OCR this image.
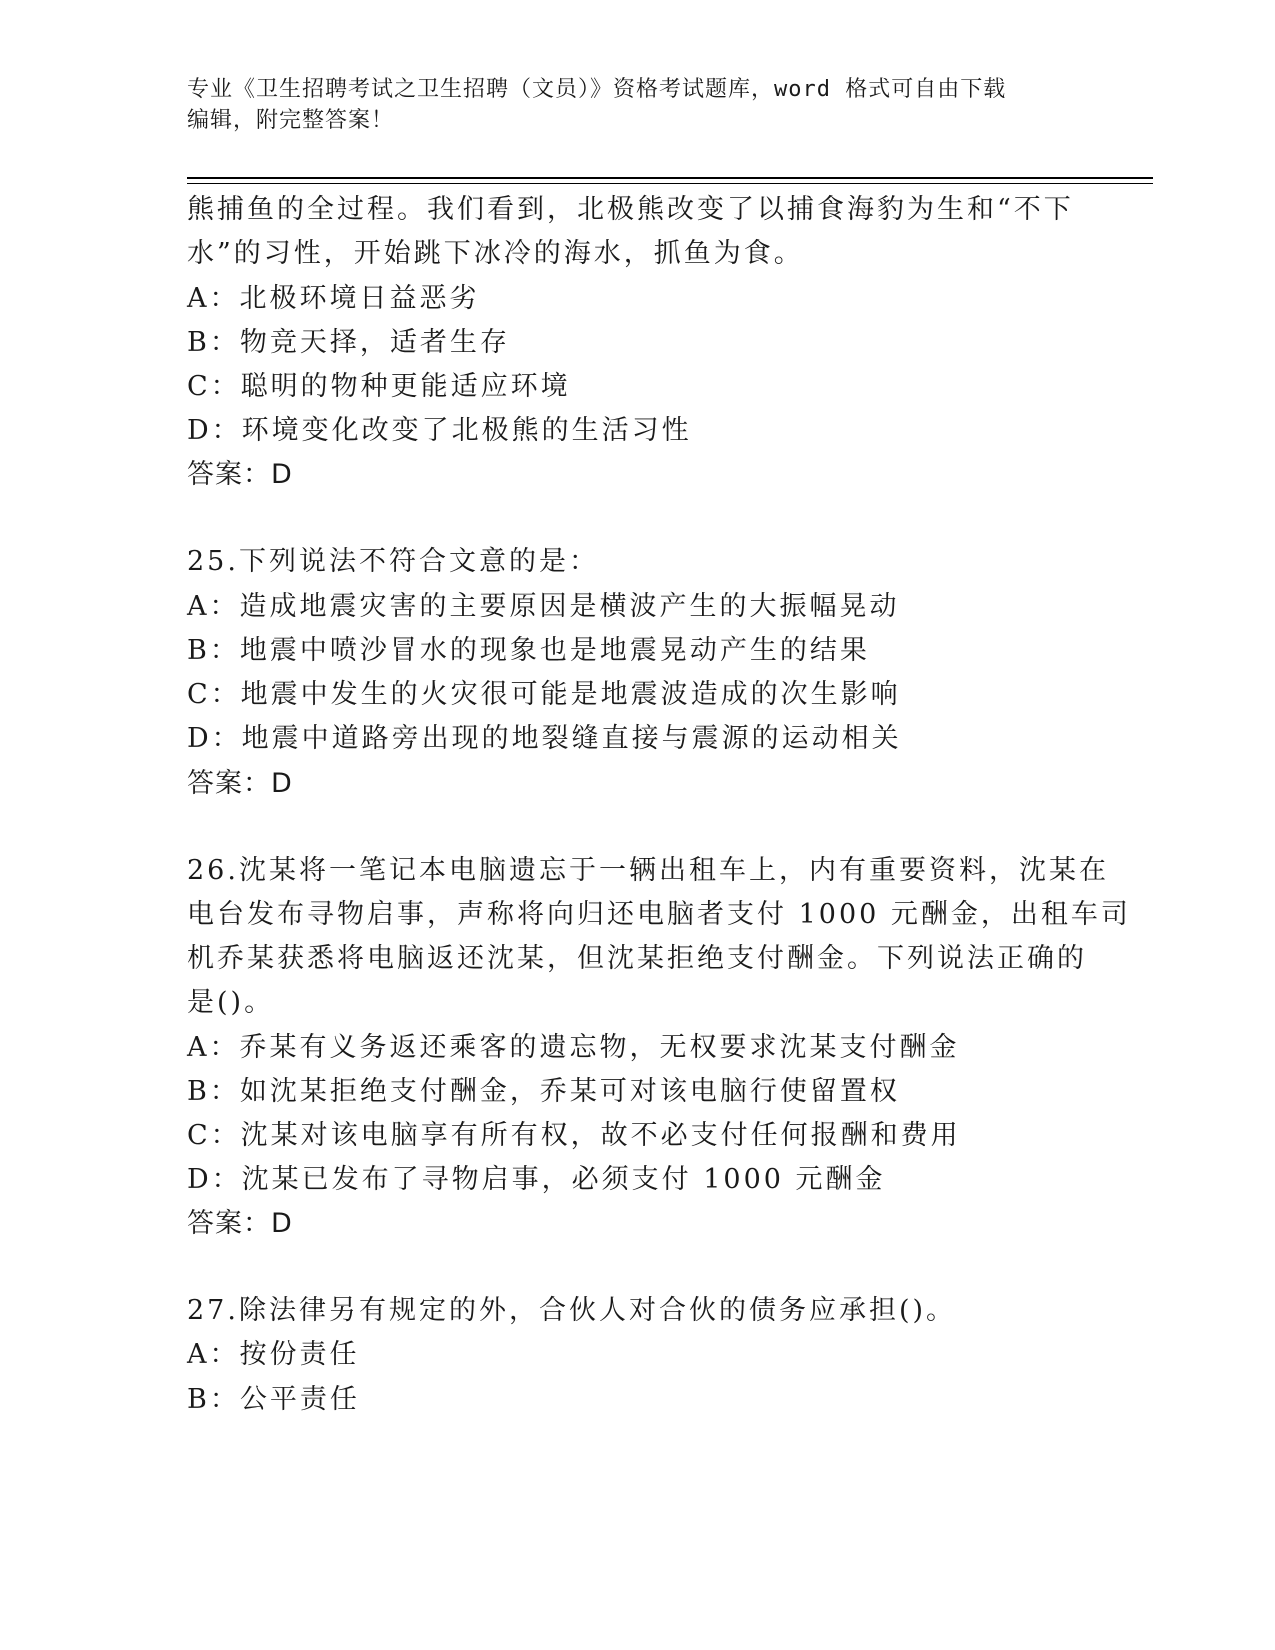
专业《卫生招聘考试之卫生招聘（文员）》资格考试题库，word 格式可自由下载
编辑，附完整答案！
熊捕鱼的全过程。我们看到，北极熊改变了以捕食海豹为生和“不下
水”的习性，开始跳下冰冷的海水，抓鱼为食。
A：北极环境日益恶劣
B：物竞天择，适者生存
C：聪明的物种更能适应环境
D：环境变化改变了北极熊的生活习性
答案：D
25.下列说法不符合文意的是：
A：造成地震灾害的主要原因是横波产生的大振幅晃动
B：地震中喷沙冒水的现象也是地震晃动产生的结果
C：地震中发生的火灾很可能是地震波造成的次生影响
D：地震中道路旁出现的地裂缝直接与震源的运动相关
答案：D
26.沈某将一笔记本电脑遗忘于一辆出租车上，内有重要资料，沈某在
电台发布寻物启事，声称将向归还电脑者支付 1000 元酬金，出租车司
机乔某获悉将电脑返还沈某，但沈某拒绝支付酬金。下列说法正确的
是()。
A：乔某有义务返还乘客的遗忘物，无权要求沈某支付酬金
B：如沈某拒绝支付酬金，乔某可对该电脑行使留置权
C：沈某对该电脑享有所有权，故不必支付任何报酬和费用
D：沈某已发布了寻物启事，必须支付 1000 元酬金
答案：D
27.除法律另有规定的外，合伙人对合伙的债务应承担()。
A：按份责任
B：公平责任
